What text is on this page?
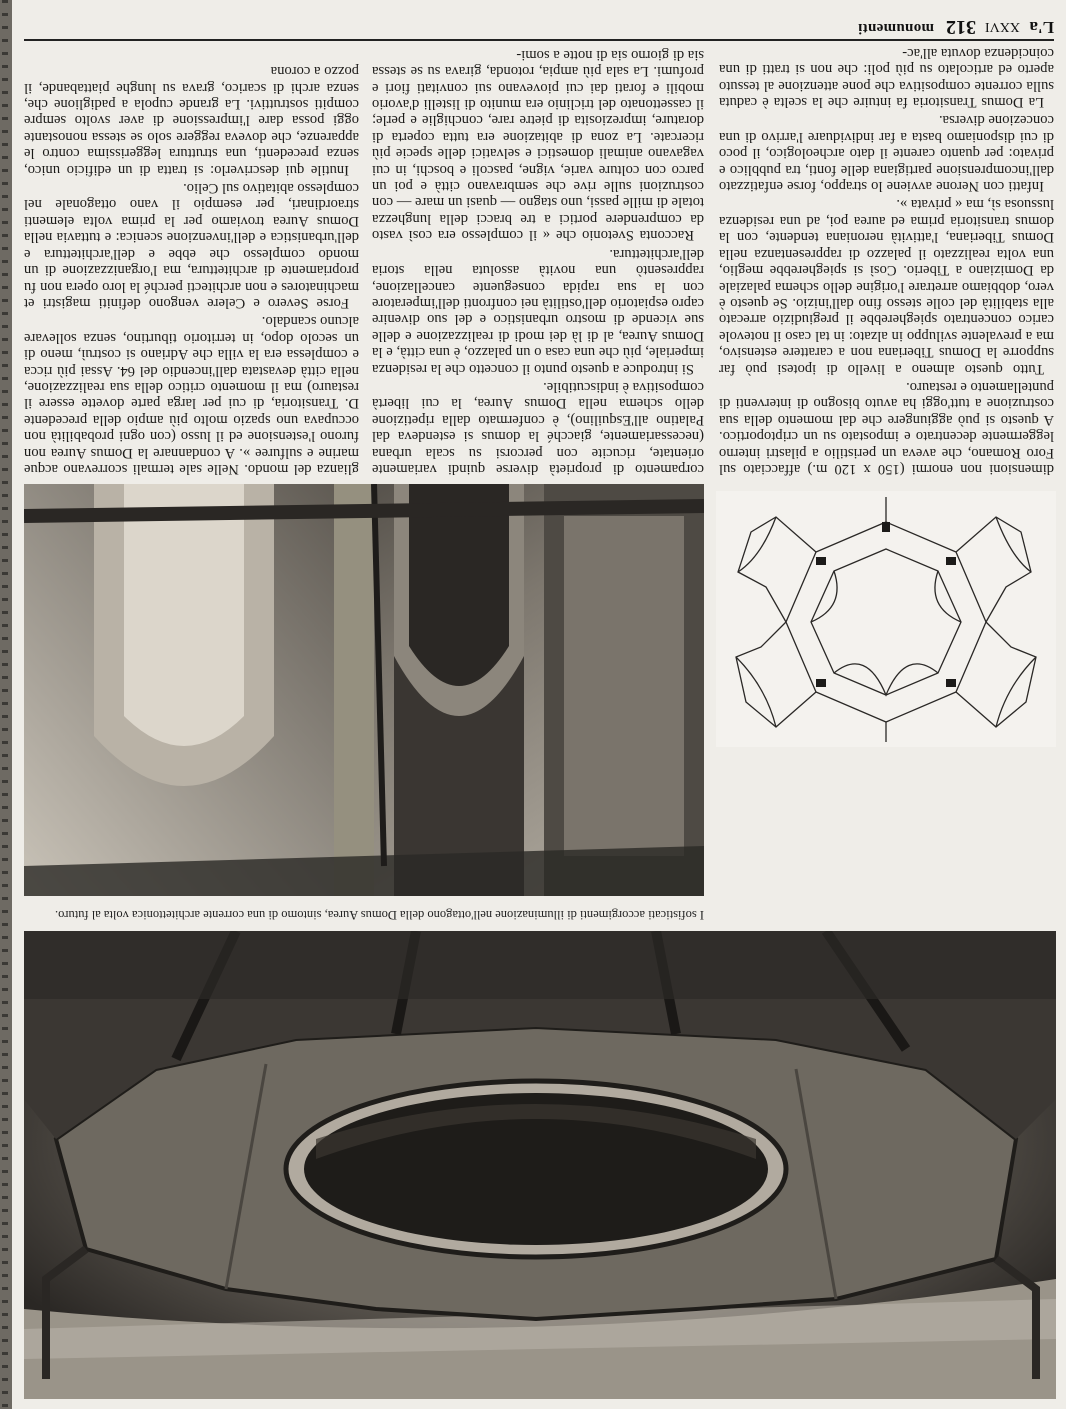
L'a
XXVI
312
monumenti

dimensioni non enormi (150 x 120 m.) affacciato sul Foro Romano, che aveva un peristilio a pilastri interno leggermente decentrato e impostato su un criptoportico. A questo si può aggiungere che dal momento della sua costruzione a tutt'oggi ha avuto bisogno di interventi di puntellamento e restauro.

Tutto questo almeno a livello di ipotesi può far supporre la Domus Tiberiana non a carattere estensivo, ma a prevalente sviluppo in alzato: in tal caso il notevole carico concentrato spiegherebbe il pregiudizio arrecato alla stabilità del colle stesso fino dall'inizio. Se questo è vero, dobbiamo arretrare l'origine dello schema palaziale da Domiziano a Tiberio. Così si spiegherebbe meglio, una volta realizzato il palazzo di rappresentanza nella Domus Tiberiana, l'attività neroniana tendente, con la domus transitoria prima ed aurea poi, ad una residenza lussuosa sì, ma « privata ».

Infatti con Nerone avviene lo strappo, forse enfatizzato dall'incomprensione partigiana delle fonti, tra pubblico e privato: per quanto carente il dato archeologico, il poco di cui disponiamo basta a far individuare l'arrivo di una concezione diversa.

La Domus Transitoria fa intuire che la scelta è caduta sulla corrente compositiva che pone attenzione al tessuto aperto ed articolato su più poli: che non si tratti di una coincidenza dovuta all'ac-

corpamento di proprietà diverse quindi variamente orientate, ricucite con percorsi su scala urbana (necessariamente, giacché la domus si estendeva dal Palatino all'Esquilino), è confermato dalla ripetizione dello schema nella Domus Aurea, la cui libertà compositiva è indiscutibile.

Si introduce a questo punto il concetto che la residenza imperiale, più che una casa o un palazzo, è una città, e la Domus Aurea, al di là dei modi di realizzazione e delle sue vicende di mostro urbanistico e del suo divenire capro espiatorio dell'ostilità nei confronti dell'imperatore con la sua rapida conseguente cancellazione, rappresentò una novità assoluta nella storia dell'architettura.

Racconta Svetonio che « il complesso era così vasto da comprendere portici a tre bracci della lunghezza totale di mille passi, uno stagno — quasi un mare — con costruzioni sulle rive che sembravano città e poi un parco con colture varie, vigne, pascoli e boschi, in cui vagavano animali domestici e selvatici delle specie più ricercate. La zona di abitazione era tutta coperta di dorature, impreziosita di pietre rare, conchiglie e perle; il cassettonato del triclinio era munito di listelli d'avorio mobili e forati dai cui piovevano sui convitati fiori e profumi. La sala più ampia, rotonda, girava su se stessa sia di giorno sia di notte a somi-

glianza del mondo. Nelle sale termali scorrevano acque marine e sulfuree ». A condannare la Domus Aurea non furono l'estensione ed il lusso (con ogni probabilità non occupava uno spazio molto più ampio della precedente D. Transitoria, di cui per larga parte dovette essere il restauro) ma il momento critico della sua realizzazione, nella città devastata dall'incendio del 64. Assai più ricca e complessa era la villa che Adriano si costruì, meno di un secolo dopo, in territorio tiburtino, senza sollevare alcuno scandalo.

Forse Severo e Celere vengono definiti magistri et machinatores e non architecti perché la loro opera non fu propriamente di architettura, ma l'organizzazione di un mondo complesso che ebbe e dell'architettura e dell'urbanistica e dell'invenzione scenica: e tuttavia nella Domus Aurea troviamo per la prima volta elementi straordinari, per esempio il vano ottagonale nel complesso abitativo sul Celio.

Inutile qui descriverlo: si tratta di un edificio unico, senza precedenti, una struttura leggerissima contro le apparenze, che doveva reggere solo se stessa nonostante oggi possa dare l'impressione di aver svolto sempre compiti sostruttivi. La grande cupola a padiglione che, senza archi di scarico, grava su lunghe piattabande, il pozzo a corona

I sofisticati accorgimenti di illuminazione nell'ottagono della Domus Aurea, sintomo di una corrente architettonica volta al futuro.
